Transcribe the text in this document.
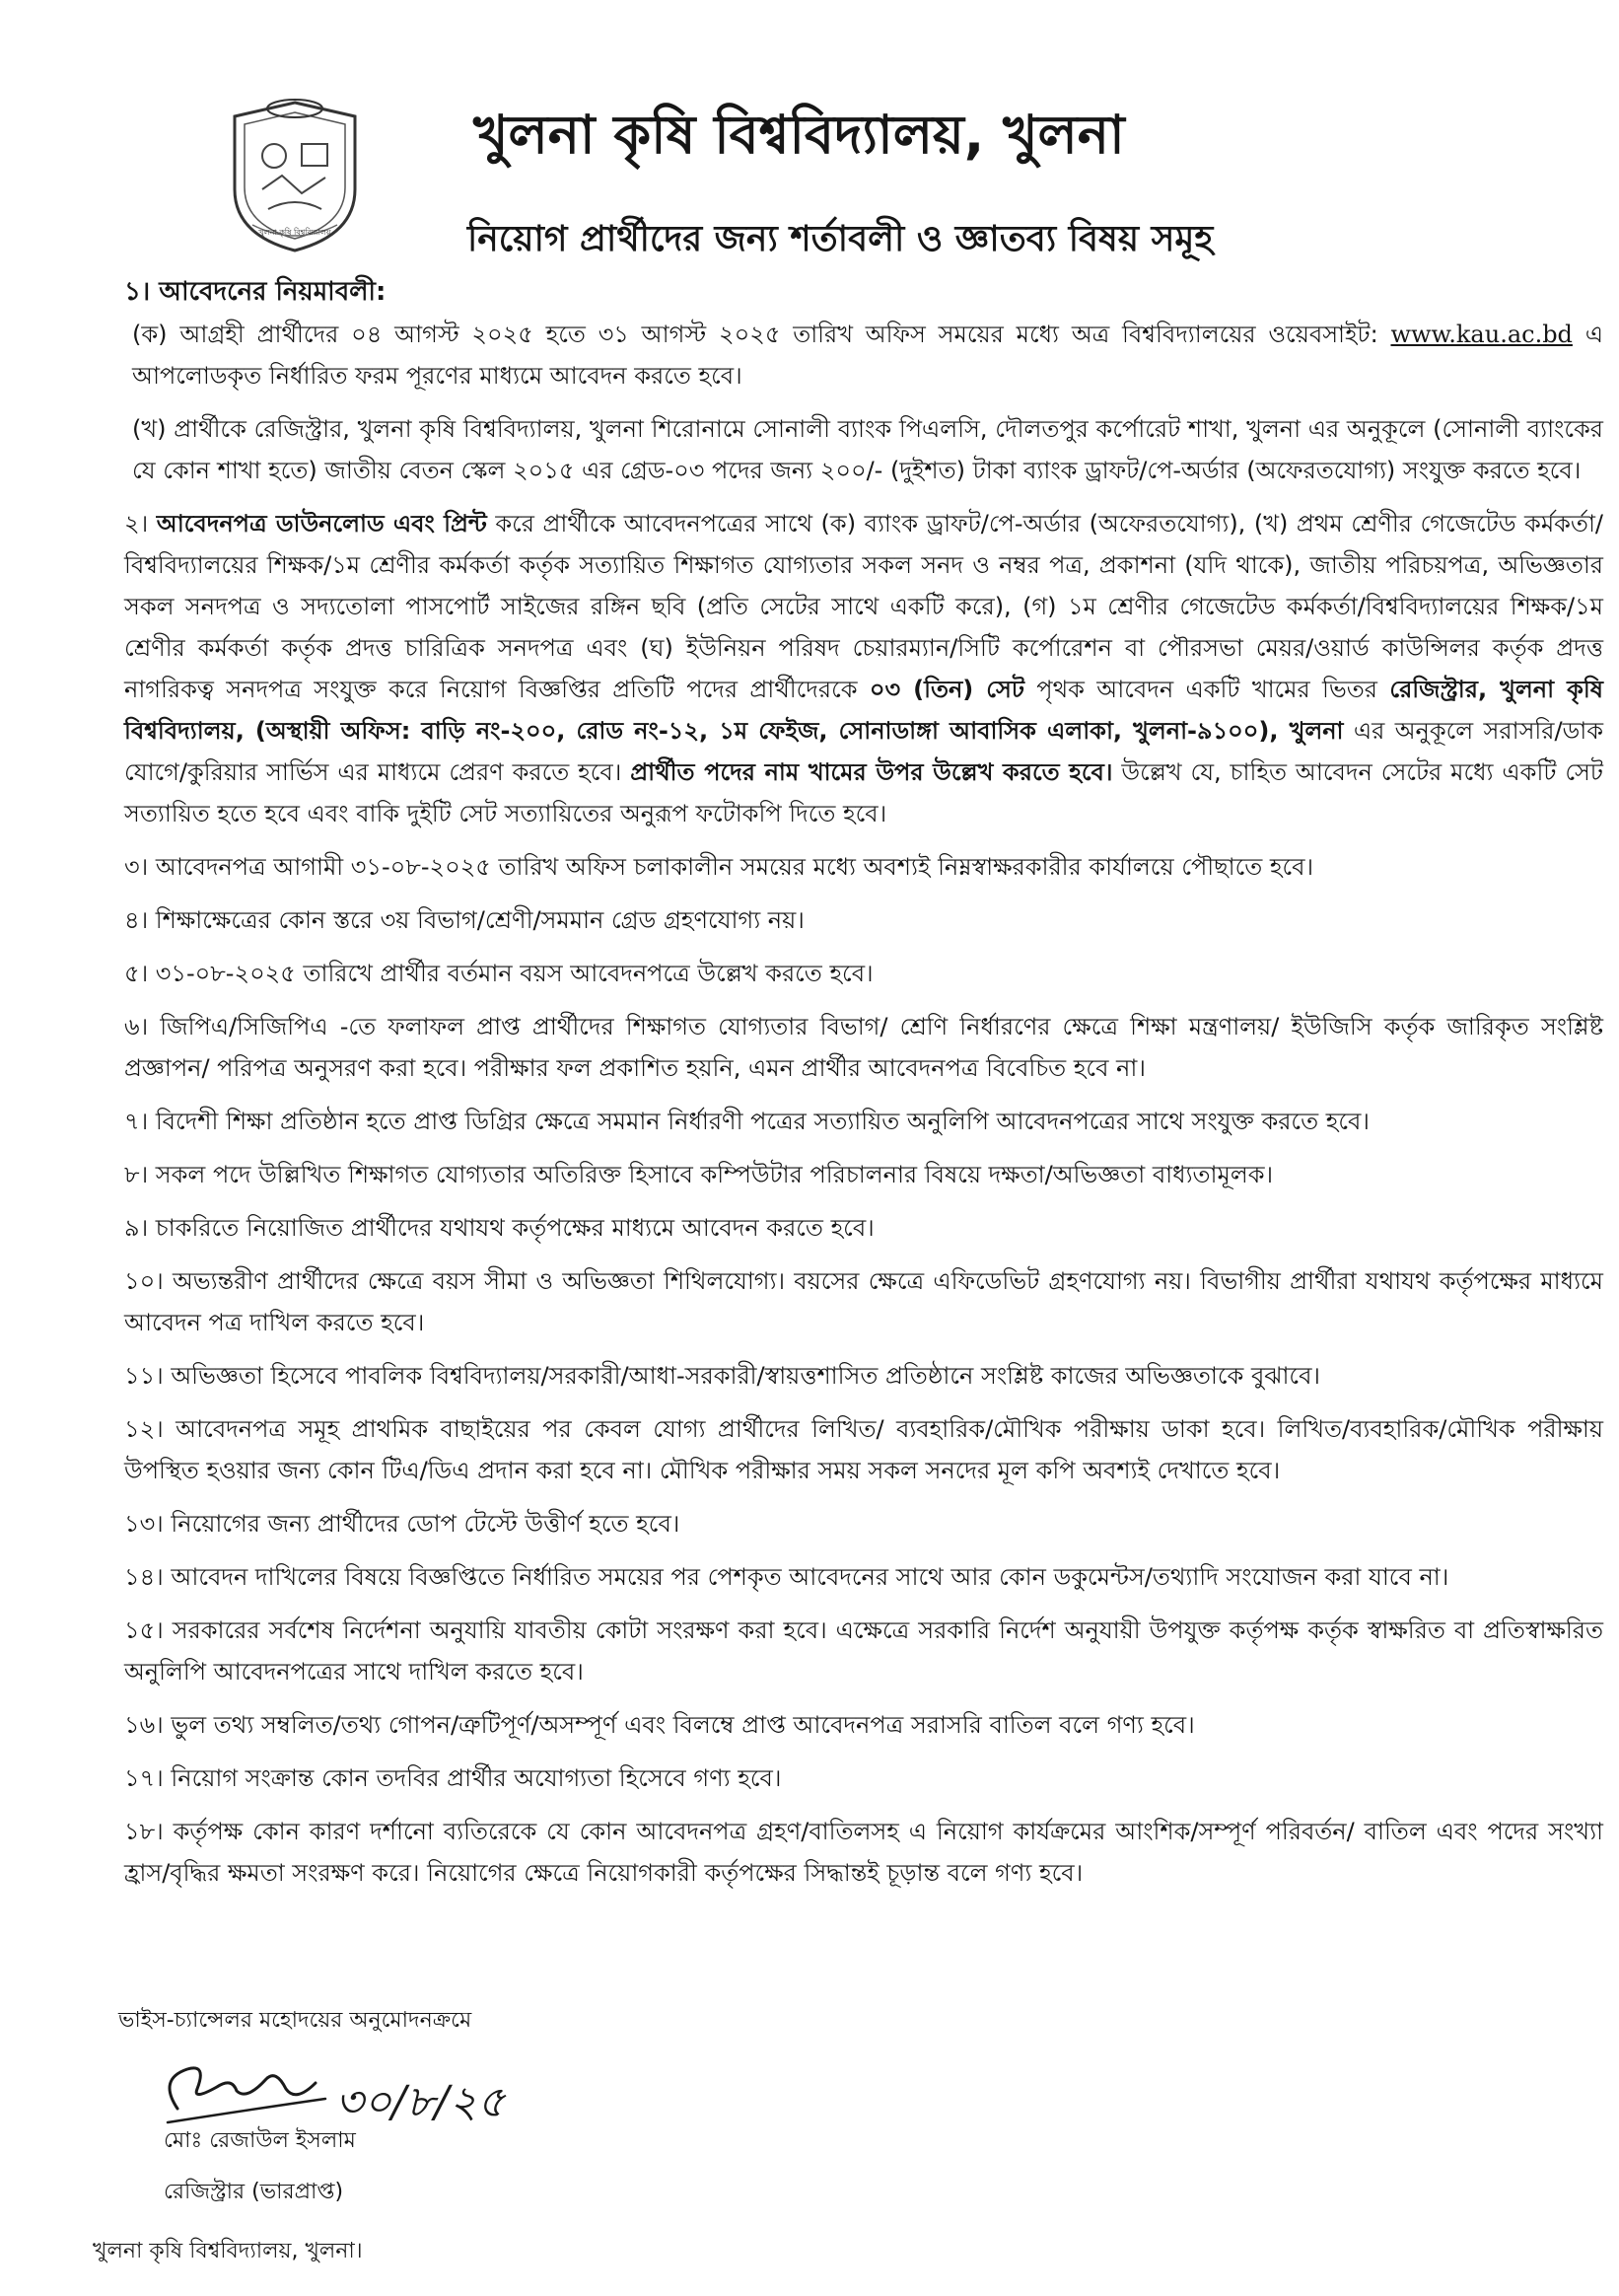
খুলনা কৃষি বিশ্ববিদ্যালয়
খুলনা কৃষি বিশ্ববিদ্যালয়, খুলনা
নিয়োগ প্রার্থীদের জন্য শর্তাবলী ও জ্ঞাতব্য বিষয় সমূহ

১। আবেদনের নিয়মাবলী:

(ক) আগ্রহী প্রার্থীদের ০৪ আগস্ট ২০২৫ হতে ৩১ আগস্ট ২০২৫ তারিখ অফিস সময়ের মধ্যে অত্র বিশ্ববিদ্যালয়ের ওয়েবসাইট: www.kau.ac.bd এ আপলোডকৃত নির্ধারিত ফরম পূরণের মাধ্যমে আবেদন করতে হবে।

(খ) প্রার্থীকে রেজিস্ট্রার, খুলনা কৃষি বিশ্ববিদ্যালয়, খুলনা শিরোনামে সোনালী ব্যাংক পিএলসি, দৌলতপুর কর্পোরেট শাখা, খুলনা এর অনুকূলে (সোনালী ব্যাংকের যে কোন শাখা হতে) জাতীয় বেতন স্কেল ২০১৫ এর গ্রেড-০৩ পদের জন্য ২০০/- (দুইশত) টাকা ব্যাংক ড্রাফট/পে-অর্ডার (অফেরতযোগ্য) সংযুক্ত করতে হবে।

২। আবেদনপত্র ডাউনলোড এবং প্রিন্ট করে প্রার্থীকে আবেদনপত্রের সাথে (ক) ব্যাংক ড্রাফট/পে-অর্ডার (অফেরতযোগ্য), (খ) প্রথম শ্রেণীর গেজেটেড কর্মকর্তা/বিশ্ববিদ্যালয়ের শিক্ষক/১ম শ্রেণীর কর্মকর্তা কর্তৃক সত্যায়িত শিক্ষাগত যোগ্যতার সকল সনদ ও নম্বর পত্র, প্রকাশনা (যদি থাকে), জাতীয় পরিচয়পত্র, অভিজ্ঞতার সকল সনদপত্র ও সদ্যতোলা পাসপোর্ট সাইজের রঙ্গিন ছবি (প্রতি সেটের সাথে একটি করে), (গ) ১ম শ্রেণীর গেজেটেড কর্মকর্তা/বিশ্ববিদ্যালয়ের শিক্ষক/১ম শ্রেণীর কর্মকর্তা কর্তৃক প্রদত্ত চারিত্রিক সনদপত্র এবং (ঘ) ইউনিয়ন পরিষদ চেয়ারম্যান/সিটি কর্পোরেশন বা পৌরসভা মেয়র/ওয়ার্ড কাউন্সিলর কর্তৃক প্রদত্ত নাগরিকত্ব সনদপত্র সংযুক্ত করে নিয়োগ বিজ্ঞপ্তির প্রতিটি পদের প্রার্থীদেরকে ০৩ (তিন) সেট পৃথক আবেদন একটি খামের ভিতর রেজিস্ট্রার, খুলনা কৃষি বিশ্ববিদ্যালয়, (অস্থায়ী অফিস: বাড়ি নং-২০০, রোড নং-১২, ১ম ফেইজ, সোনাডাঙ্গা আবাসিক এলাকা, খুলনা-৯১০০), খুলনা এর অনুকূলে সরাসরি/ডাক যোগে/কুরিয়ার সার্ভিস এর মাধ্যমে প্রেরণ করতে হবে। প্রার্থীত পদের নাম খামের উপর উল্লেখ করতে হবে। উল্লেখ যে, চাহিত আবেদন সেটের মধ্যে একটি সেট সত্যায়িত হতে হবে এবং বাকি দুইটি সেট সত্যায়িতের অনুরূপ ফটোকপি দিতে হবে।

৩। আবেদনপত্র আগামী ৩১-০৮-২০২৫ তারিখ অফিস চলাকালীন সময়ের মধ্যে অবশ্যই নিম্নস্বাক্ষরকারীর কার্যালয়ে পৌছাতে হবে।

৪। শিক্ষাক্ষেত্রের কোন স্তরে ৩য় বিভাগ/শ্রেণী/সমমান গ্রেড গ্রহণযোগ্য নয়।

৫। ৩১-০৮-২০২৫ তারিখে প্রার্থীর বর্তমান বয়স আবেদনপত্রে উল্লেখ করতে হবে।

৬। জিপিএ/সিজিপিএ -তে ফলাফল প্রাপ্ত প্রার্থীদের শিক্ষাগত যোগ্যতার বিভাগ/ শ্রেণি নির্ধারণের ক্ষেত্রে শিক্ষা মন্ত্রণালয়/ ইউজিসি কর্তৃক জারিকৃত সংশ্লিষ্ট প্রজ্ঞাপন/ পরিপত্র অনুসরণ করা হবে। পরীক্ষার ফল প্রকাশিত হয়নি, এমন প্রার্থীর আবেদনপত্র বিবেচিত হবে না।

৭। বিদেশী শিক্ষা প্রতিষ্ঠান হতে প্রাপ্ত ডিগ্রির ক্ষেত্রে সমমান নির্ধারণী পত্রের সত্যায়িত অনুলিপি আবেদনপত্রের সাথে সংযুক্ত করতে হবে।

৮। সকল পদে উল্লিখিত শিক্ষাগত যোগ্যতার অতিরিক্ত হিসাবে কম্পিউটার পরিচালনার বিষয়ে দক্ষতা/অভিজ্ঞতা বাধ্যতামূলক।

৯। চাকরিতে নিয়োজিত প্রার্থীদের যথাযথ কর্তৃপক্ষের মাধ্যমে আবেদন করতে হবে।

১০। অভ্যন্তরীণ প্রার্থীদের ক্ষেত্রে বয়স সীমা ও অভিজ্ঞতা শিথিলযোগ্য। বয়সের ক্ষেত্রে এফিডেভিট গ্রহণযোগ্য নয়। বিভাগীয় প্রার্থীরা যথাযথ কর্তৃপক্ষের মাধ্যমে আবেদন পত্র দাখিল করতে হবে।

১১। অভিজ্ঞতা হিসেবে পাবলিক বিশ্ববিদ্যালয়/সরকারী/আধা-সরকারী/স্বায়ত্তশাসিত প্রতিষ্ঠানে সংশ্লিষ্ট কাজের অভিজ্ঞতাকে বুঝাবে।

১২। আবেদনপত্র সমূহ প্রাথমিক বাছাইয়ের পর কেবল যোগ্য প্রার্থীদের লিখিত/ ব্যবহারিক/মৌখিক পরীক্ষায় ডাকা হবে। লিখিত/ব্যবহারিক/মৌখিক পরীক্ষায় উপস্থিত হওয়ার জন্য কোন টিএ/ডিএ প্রদান করা হবে না। মৌখিক পরীক্ষার সময় সকল সনদের মূল কপি অবশ্যই দেখাতে হবে।

১৩। নিয়োগের জন্য প্রার্থীদের ডোপ টেস্টে উত্তীর্ণ হতে হবে।

১৪। আবেদন দাখিলের বিষয়ে বিজ্ঞপ্তিতে নির্ধারিত সময়ের পর পেশকৃত আবেদনের সাথে আর কোন ডকুমেন্টস/তথ্যাদি সংযোজন করা যাবে না।

১৫। সরকারের সর্বশেষ নির্দেশনা অনুযায়ি যাবতীয় কোটা সংরক্ষণ করা হবে। এক্ষেত্রে সরকারি নির্দেশ অনুযায়ী উপযুক্ত কর্তৃপক্ষ কর্তৃক স্বাক্ষরিত বা প্রতিস্বাক্ষরিত অনুলিপি আবেদনপত্রের সাথে দাখিল করতে হবে।

১৬। ভুল তথ্য সম্বলিত/তথ্য গোপন/ত্রুটিপূর্ণ/অসম্পূর্ণ এবং বিলম্বে প্রাপ্ত আবেদনপত্র সরাসরি বাতিল বলে গণ্য হবে।

১৭। নিয়োগ সংক্রান্ত কোন তদবির প্রার্থীর অযোগ্যতা হিসেবে গণ্য হবে।

১৮। কর্তৃপক্ষ কোন কারণ দর্শানো ব্যতিরেকে যে কোন আবেদনপত্র গ্রহণ/বাতিলসহ এ নিয়োগ কার্যক্রমের আংশিক/সম্পূর্ণ পরিবর্তন/ বাতিল এবং পদের সংখ্যা হ্রাস/বৃদ্ধির ক্ষমতা সংরক্ষণ করে। নিয়োগের ক্ষেত্রে নিয়োগকারী কর্তৃপক্ষের সিদ্ধান্তই চূড়ান্ত বলে গণ্য হবে।

ভাইস-চ্যান্সেলর মহোদয়ের অনুমোদনক্রমে

৩০/৮/২৫

মোঃ রেজাউল ইসলাম

রেজিস্ট্রার (ভারপ্রাপ্ত)

খুলনা কৃষি বিশ্ববিদ্যালয়, খুলনা।
